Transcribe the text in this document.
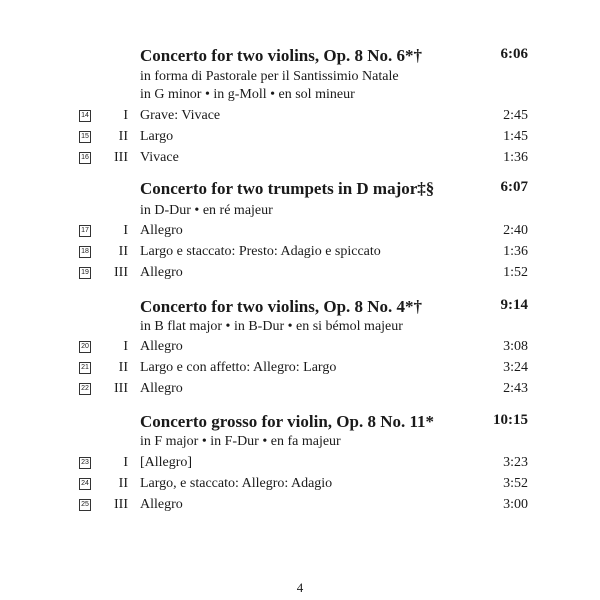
Concerto for two violins, Op. 8 No. 6*†	6:06
in forma di Pastorale per il Santissimio Natale
in G minor • in g-Moll • en sol mineur
14 I Grave: Vivace	2:45
15 II Largo	1:45
16 III Vivace	1:36
Concerto for two trumpets in D major‡§	6:07
in D-Dur • en ré majeur
17 I Allegro	2:40
18 II Largo e staccato: Presto: Adagio e spiccato	1:36
19 III Allegro	1:52
Concerto for two violins, Op. 8 No. 4*†	9:14
in B flat major • in B-Dur • en si bémol majeur
20 I Allegro	3:08
21 II Largo e con affetto: Allegro: Largo	3:24
22 III Allegro	2:43
Concerto grosso for violin, Op. 8 No. 11*	10:15
in F major • in F-Dur • en fa majeur
23 I [Allegro]	3:23
24 II Largo, e staccato: Allegro: Adagio	3:52
25 III Allegro	3:00
4
